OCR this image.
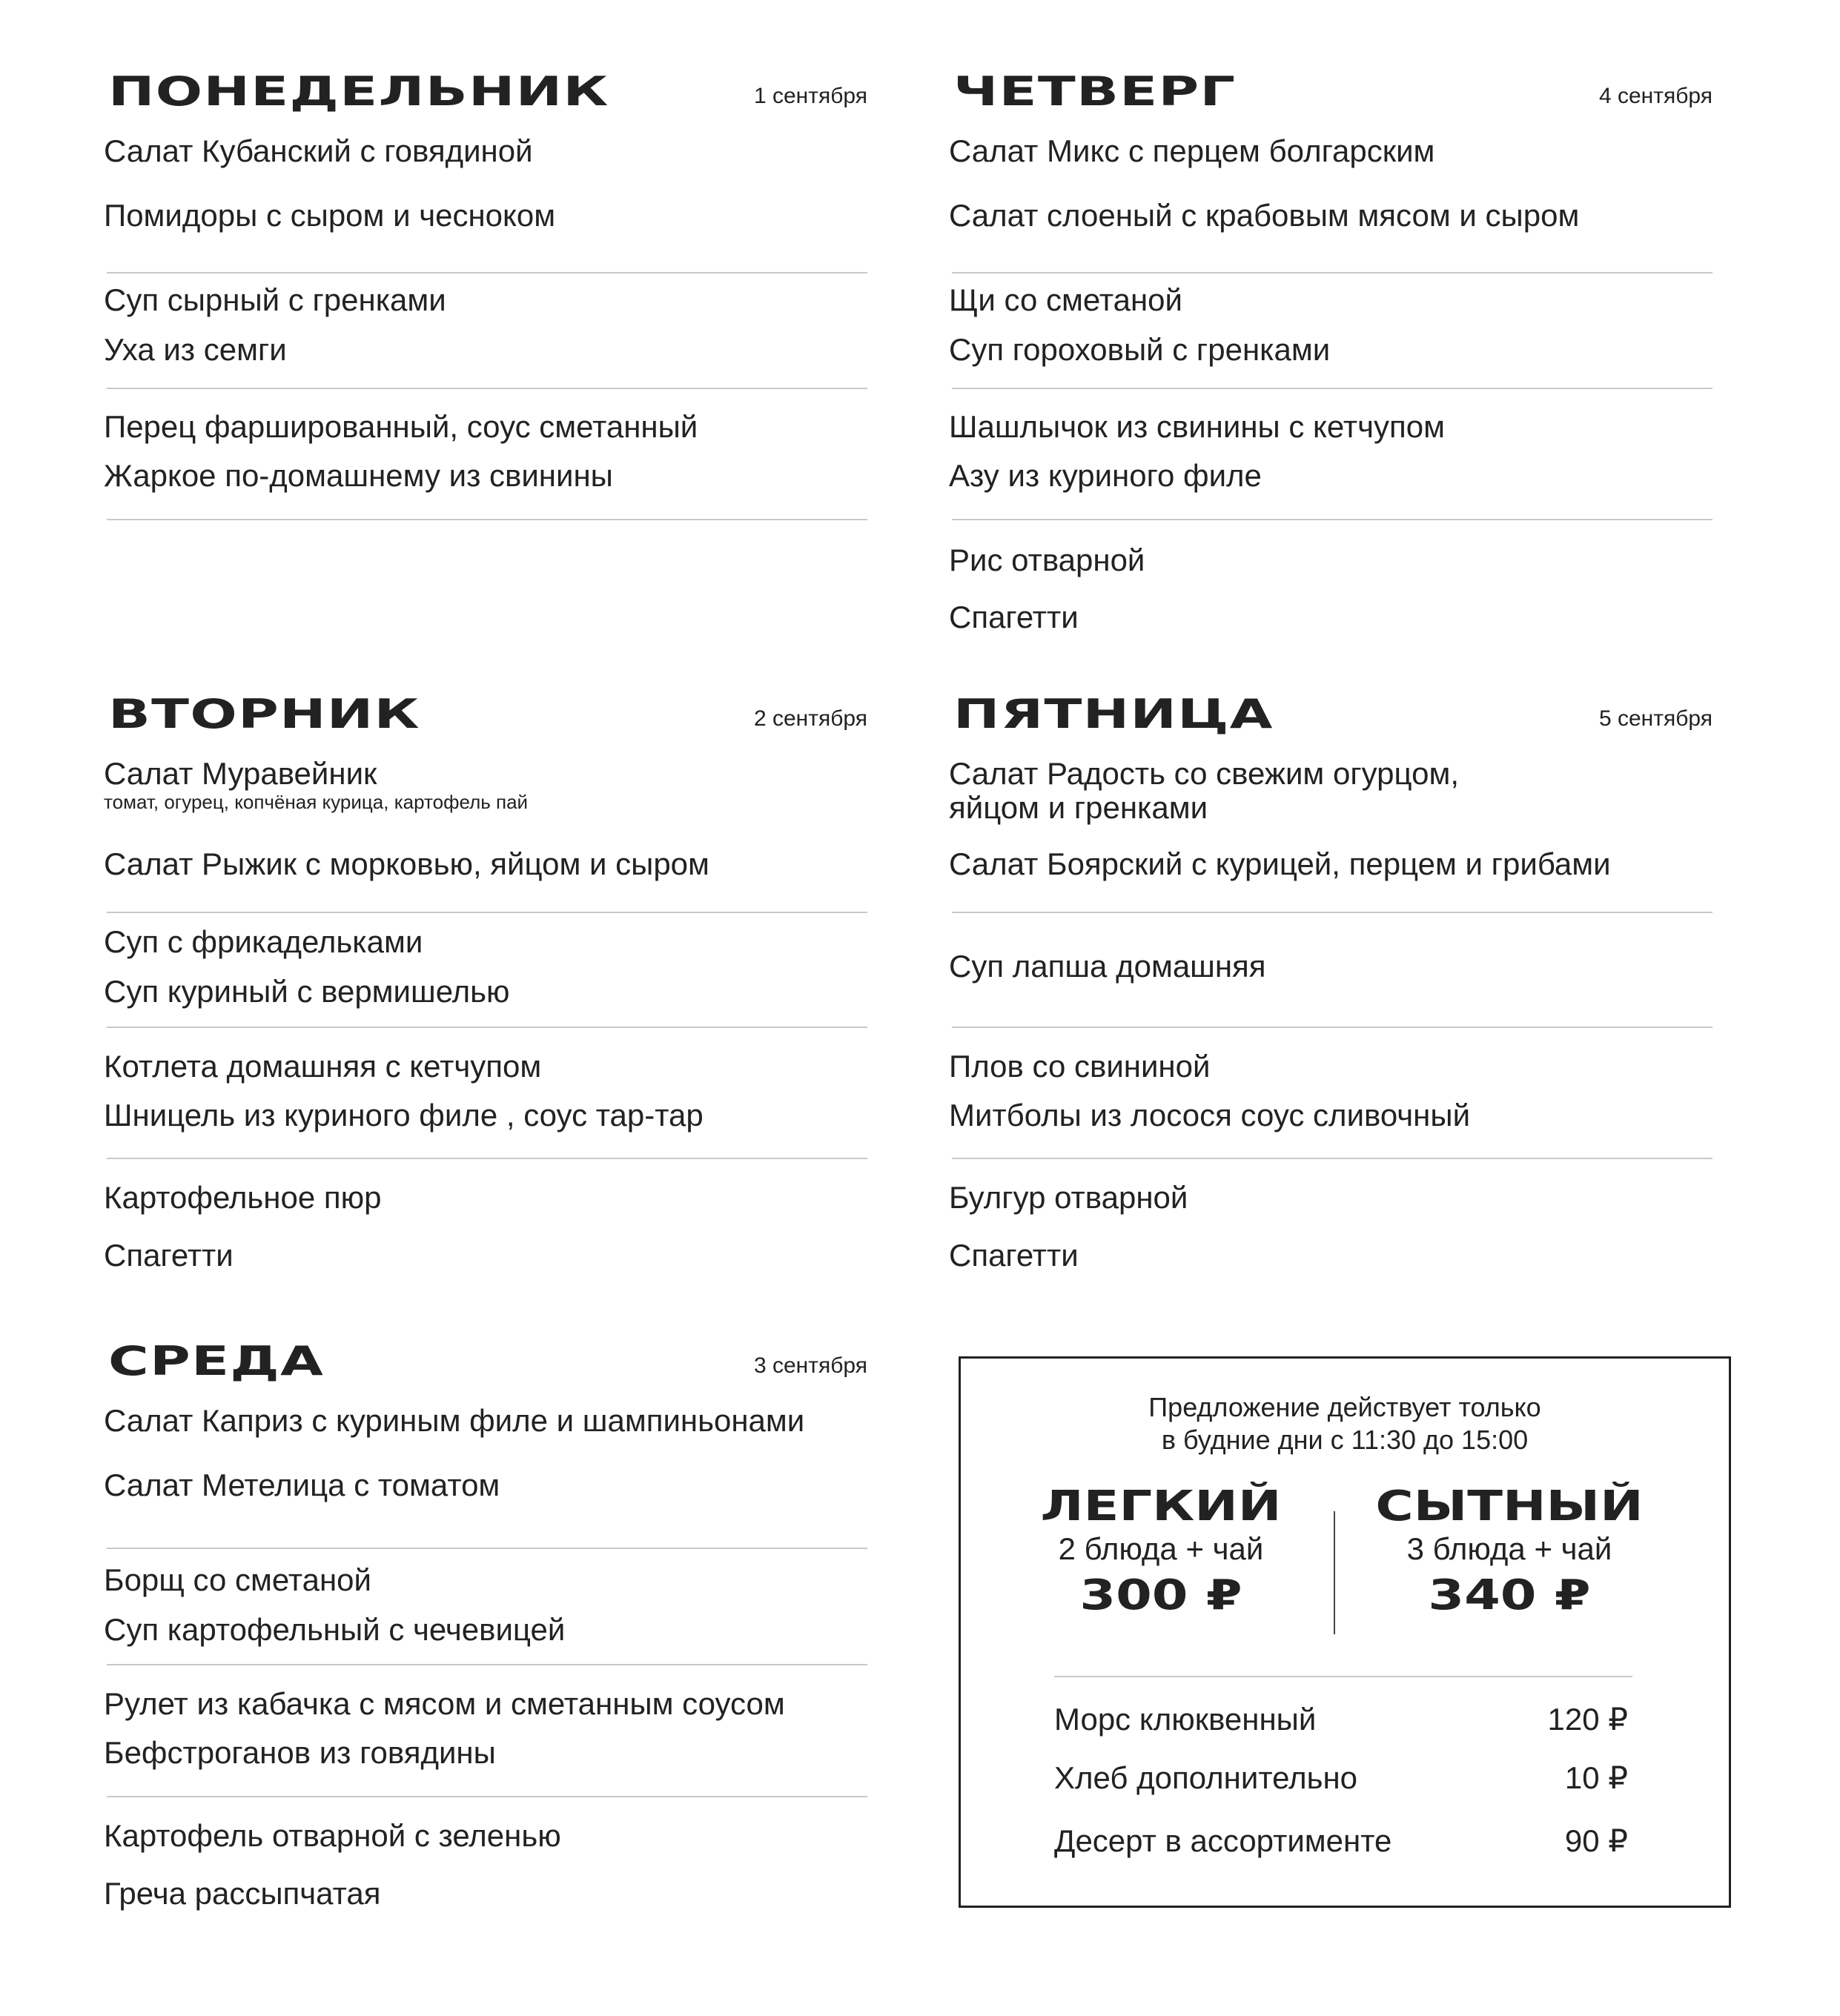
ПОНЕДЕЛЬНИК	1 сентября
Салат Кубанский с говядиной
Помидоры с сыром и чесноком
Суп сырный с гренками
Уха из семги
Перец фаршированный, соус сметанный
Жаркое по-домашнему из свинины
ВТОРНИК	2 сентября
Салат Муравейник
томат, огурец, копчёная курица, картофель пай
Салат Рыжик с морковью, яйцом и сыром
Суп с фрикадельками
Суп куриный с вермишелью
Котлета домашняя с кетчупом
Шницель из куриного филе , соус тар-тар
Картофельное пюр
Спагетти
СРЕДА	3 сентября
Салат Каприз с куриным филе и шампиньонами
Салат Метелица с томатом
Борщ со сметаной
Суп картофельный с чечевицей
Рулет из кабачка с мясом и сметанным соусом
Бефстроганов из говядины
Картофель отварной с зеленью
Греча рассыпчатая
ЧЕТВЕРГ	4 сентября
Салат Микс с перцем болгарским
Салат слоеный с крабовым мясом и сыром
Щи со сметаной
Суп гороховый с гренками
Шашлычок из свинины с кетчупом
Азу из куриного филе
Рис отварной
Спагетти
ПЯТНИЦА	5 сентября
Салат Радость со свежим огурцом,
яйцом и гренками
Салат Боярский с курицей, перцем и грибами
Суп лапша домашняя
Плов со свининой
Митболы из лосося соус сливочный
Булгур отварной
Спагетти
Предложение действует только
в будние дни с 11:30 до 15:00
ЛЕГКИЙ
2 блюда + чай
300 ₽
СЫТНЫЙ
3 блюда + чай
340 ₽
Морс клюквенный	120 ₽
Хлеб дополнительно	10 ₽
Десерт в ассортименте	90 ₽
